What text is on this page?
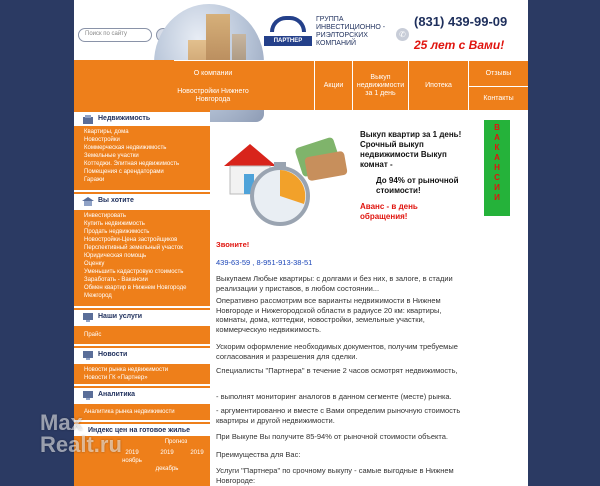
Поиск по сайту
ПАРТНЕР
ГРУППА ИНВЕСТИЦИОННО - РИЭЛТОРСКИХ КОМПАНИЙ
✆
(831) 439-99-09
25 лет с Вами!
О компании
Новостройки Нижнего Новгорода
Акции
Выкуп недвижимости за 1 день
Ипотека
Отзывы
Контакты
Недвижимость
Квартиры, дома
Новостройки
Коммерческая недвижимость
Земельные участки
Коттеджи. Элитная недвижимость
Помещения с арендаторами
Гаражи
Вы хотите
Инвестировать
Купить недвижимость
Продать недвижимость
Новостройки-Цена застройщиков
Перспективный земельный участок
Юридическая помощь
Оценку
Уменьшить кадастровую стоимость
Заработать - Вакансии
Обмен квартир в Нижнем Новгороде
Межгород
Наши услуги
Прайс
Новости
Новости рынка недвижимости
Новости ГК «Партнер»
Аналитика
Аналитика рынка недвижимости
Индекс цен на готовое жилье
Прогноз
2019
ноябрь
2019
декабрь
2019
Выкуп квартир за 1 день! Срочный выкуп недвижимости Выкуп комнат -
До 94% от рыночной стоимости!
Аванс - в день обращения!
В
А
К
А
Н
С
И
И
Звоните!
439-63-59 , 8-951-913-38-51
Выкупаем Любые квартиры: с долгами и без них, в залоге, в стадии реализации у приставов, в любом состоянии...
Оперативно рассмотрим все варианты недвижимости в Нижнем Новгороде и Нижегородской области в радиусе 20 км: квартиры, комнаты, дома, коттеджи, новостройки, земельные участки, коммерческую недвижимость.
Ускорим оформление необходимых документов, получим требуемые согласования и разрешения для сделки.
Специалисты "Партнера" в течение 2 часов осмотрят недвижимость,
- выполнят мониторинг аналогов в данном сегменте (месте) рынка.
- аргументированно и вместе с Вами определим рыночную стоимость квартиры и другой недвижимости.
При Выкупе Вы получите 85-94% от рыночной стоимости объекта.
Преимущества для Вас:
Услуги "Партнера" по срочному выкупу - самые выгодные в Нижнем Новгороде:
Max
Realt.ru
